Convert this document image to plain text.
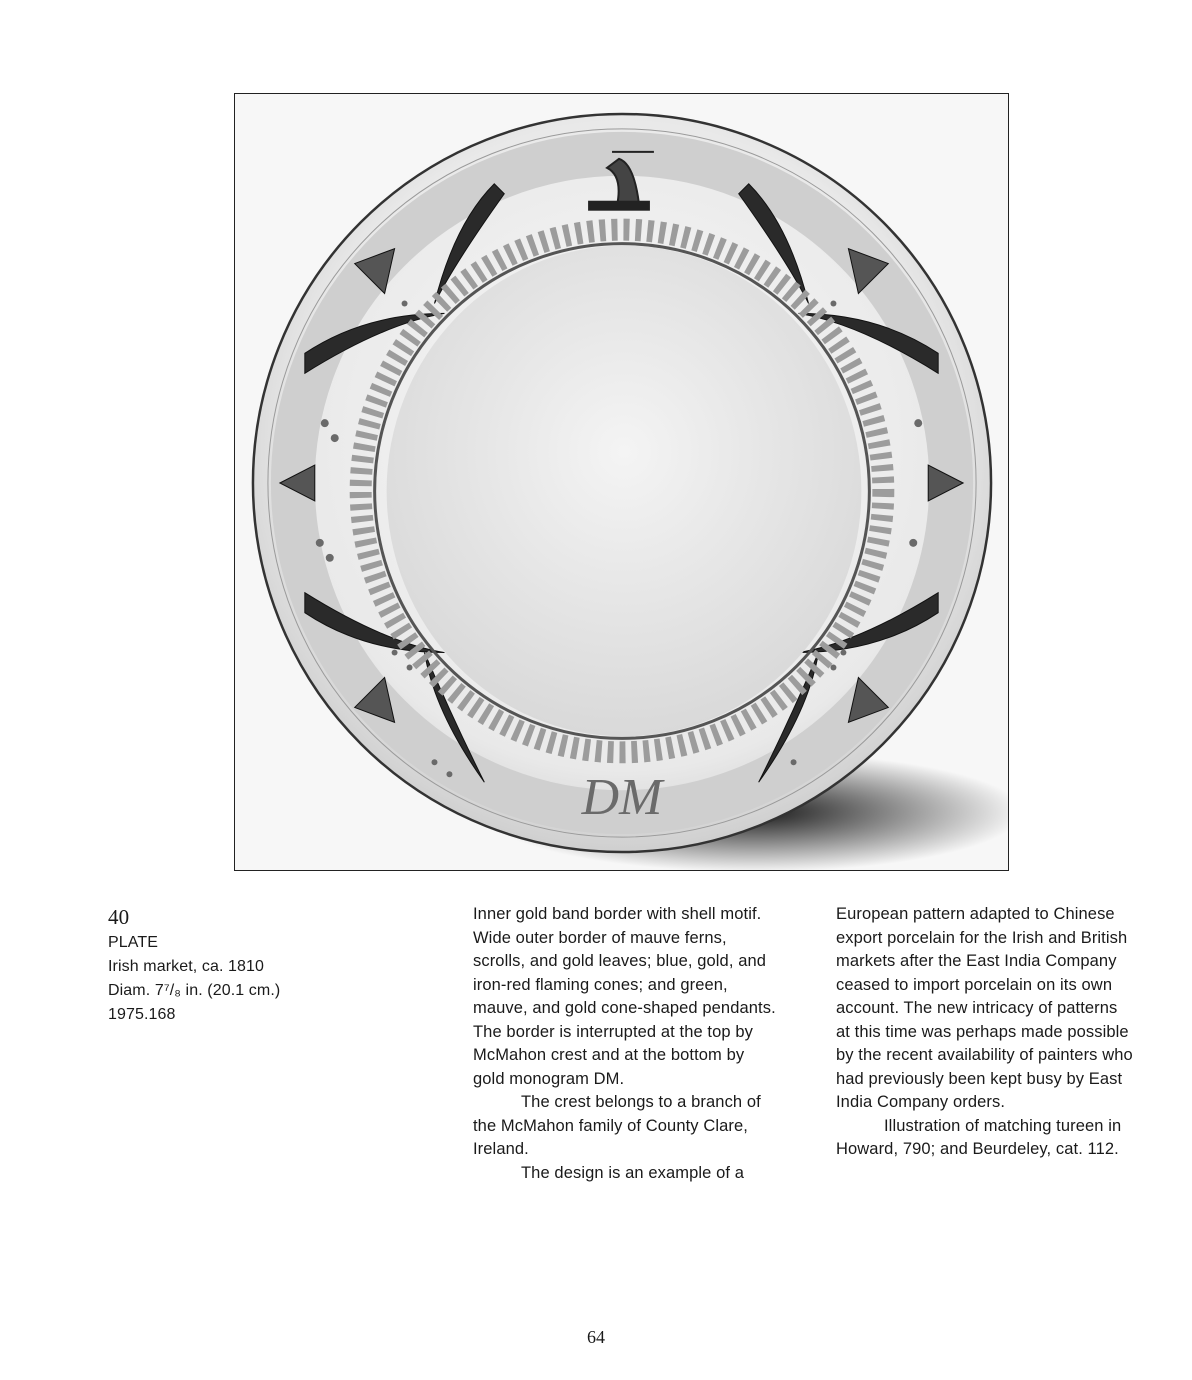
DM
40
PLATE
Irish market, ca. 1810
Diam. 7⁷/₈ in. (20.1 cm.)
1975.168

Inner gold band border with shell motif.
Wide outer border of mauve ferns,
scrolls, and gold leaves; blue, gold, and
iron-red flaming cones; and green,
mauve, and gold cone-shaped pendants.
The border is interrupted at the top by
McMahon crest and at the bottom by
gold monogram DM.

The crest belongs to a branch of
the McMahon family of County Clare,
Ireland.

The design is an example of a

European pattern adapted to Chinese
export porcelain for the Irish and British
markets after the East India Company
ceased to import porcelain on its own
account. The new intricacy of patterns
at this time was perhaps made possible
by the recent availability of painters who
had previously been kept busy by East
India Company orders.

Illustration of matching tureen in
Howard, 790; and Beurdeley, cat. 112.

64
